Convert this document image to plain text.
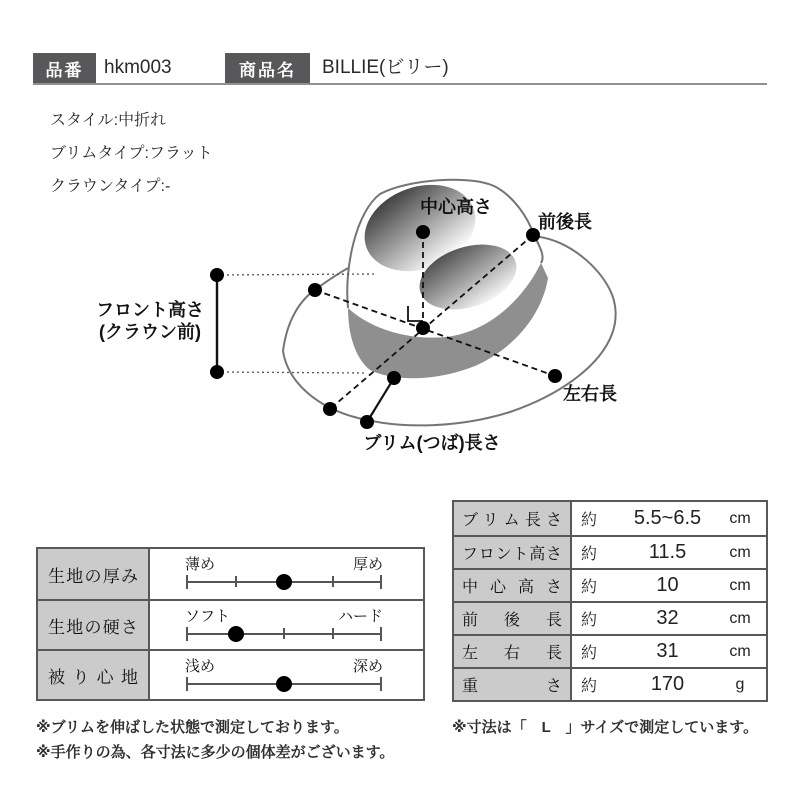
品番	hkm003	商品名	BILLIE(ビリー)
スタイル:中折れ
ブリムタイプ:フラット
クラウンタイプ:-
中心高さ
前後長
左右長
ブリム(つば)長さ
フロント高さ
(クラウン前)
生地の厚み
薄め	厚め
生地の硬さ
ソフト	ハード
被り心地
浅め	深め
ブリム長さ	約	5.5~6.5	cm
フロント高さ	約	11.5	cm
中心高さ	約	10	cm
前後長	約	32	cm
左右長	約	31	cm
重さ	約	170	g
※ブリムを伸ばした状態で測定しております。
※手作りの為、各寸法に多少の個体差がございます。
※寸法は「　L　」サイズで測定しています。
